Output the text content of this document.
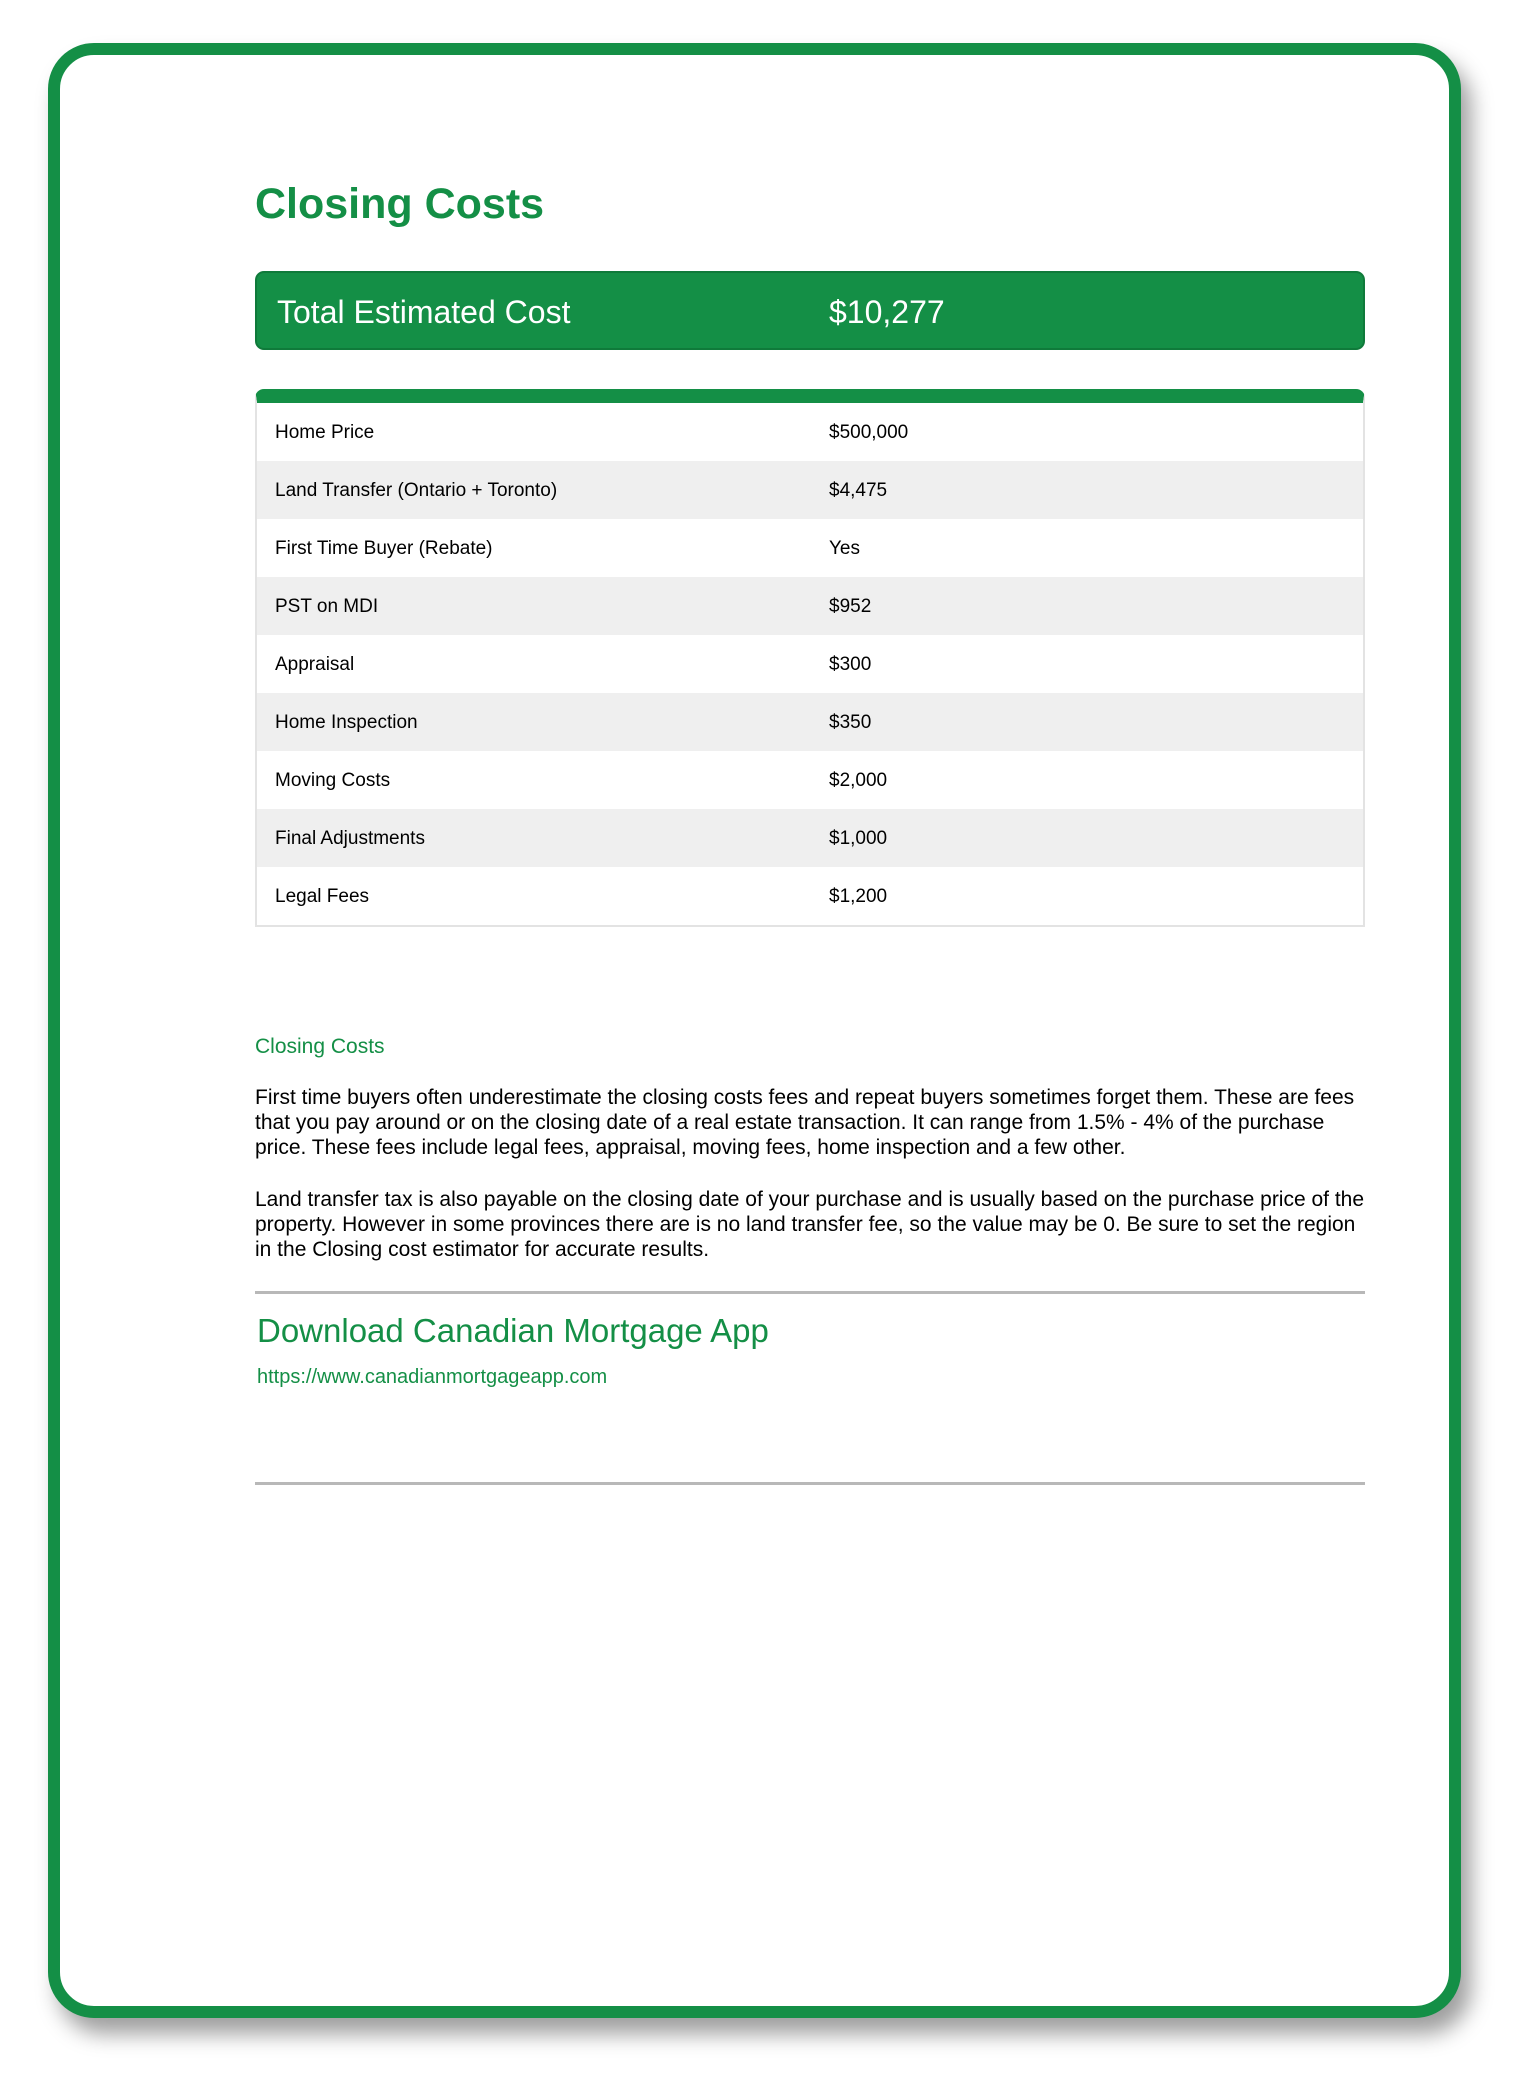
Closing Costs
Total Estimated Cost	$10,277
Home Price	$500,000
Land Transfer (Ontario + Toronto)	$4,475
First Time Buyer (Rebate)	Yes
PST on MDI	$952
Appraisal	$300
Home Inspection	$350
Moving Costs	$2,000
Final Adjustments	$1,000
Legal Fees	$1,200
Closing Costs

First time buyers often underestimate the closing costs fees and repeat buyers sometimes forget them. These are fees that you pay around or on the closing date of a real estate transaction. It can range from 1.5% - 4% of the purchase price. These fees include legal fees, appraisal, moving fees, home inspection and a few other.

Land transfer tax is also payable on the closing date of your purchase and is usually based on the purchase price of the property. However in some provinces there are is no land transfer fee, so the value may be 0. Be sure to set the region in the Closing cost estimator for accurate results.

Download Canadian Mortgage App
https://www.canadianmortgageapp.com
